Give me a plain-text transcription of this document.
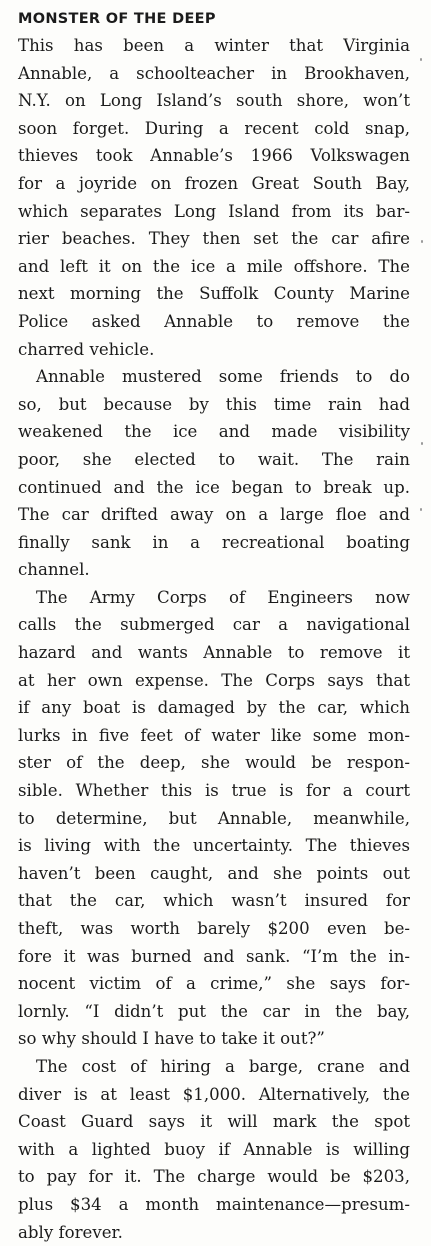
MONSTER OF THE DEEP

This has been a winter that Virginia
Annable, a schoolteacher in Brookhaven,
N.Y. on Long Island’s south shore, won’t
soon forget. During a recent cold snap,
thieves took Annable’s 1966 Volkswagen
for a joyride on frozen Great South Bay,
which separates Long Island from its bar-
rier beaches. They then set the car afire
and left it on the ice a mile offshore. The
next morning the Suffolk County Marine
Police asked Annable to remove the
charred vehicle.

Annable mustered some friends to do
so, but because by this time rain had
weakened the ice and made visibility
poor, she elected to wait. The rain
continued and the ice began to break up.
The car drifted away on a large floe and
finally sank in a recreational boating
channel.

The Army Corps of Engineers now
calls the submerged car a navigational
hazard and wants Annable to remove it
at her own expense. The Corps says that
if any boat is damaged by the car, which
lurks in five feet of water like some mon-
ster of the deep, she would be respon-
sible. Whether this is true is for a court
to determine, but Annable, meanwhile,
is living with the uncertainty. The thieves
haven’t been caught, and she points out
that the car, which wasn’t insured for
theft, was worth barely $200 even be-
fore it was burned and sank. “I’m the in-
nocent victim of a crime,” she says for-
lornly. “I didn’t put the car in the bay,
so why should I have to take it out?”

The cost of hiring a barge, crane and
diver is at least $1,000. Alternatively, the
Coast Guard says it will mark the spot
with a lighted buoy if Annable is willing
to pay for it. The charge would be $203,
plus $34 a month maintenance—presum-
ably forever.
